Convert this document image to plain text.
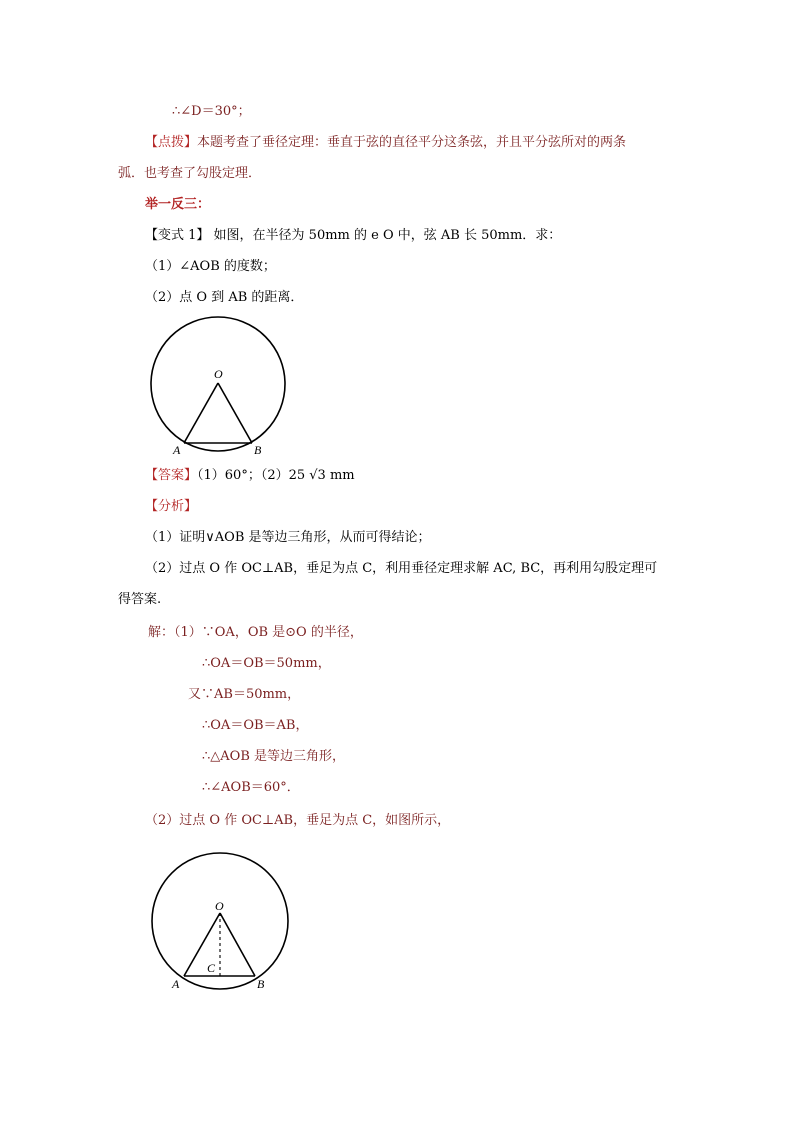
∴∠D＝30°；
【点拨】本题考查了垂径定理：垂直于弦的直径平分这条弦，并且平分弦所对的两条
弧．也考查了勾股定理．
举一反三：
【变式 1】 如图，在半径为 50mm 的 e O 中，弦 AB 长 50mm．求：
（1）∠AOB 的度数；
（2）点 O 到 AB 的距离．
O
A	B
【答案】（1）60°；（2）25 √3 mm
【分析】
（1）证明∨AOB 是等边三角形，从而可得结论；
（2）过点 O 作 OC⊥AB，垂足为点 C，利用垂径定理求解 AC, BC，再利用勾股定理可
得答案.
解：（1）∵OA，OB 是⊙O 的半径，
∴OA＝OB＝50mm，
又∵AB＝50mm，
∴OA＝OB＝AB，
∴△AOB 是等边三角形，
∴∠AOB＝60°．
（2）过点 O 作 OC⊥AB，垂足为点 C，如图所示，
O
A	B
C
